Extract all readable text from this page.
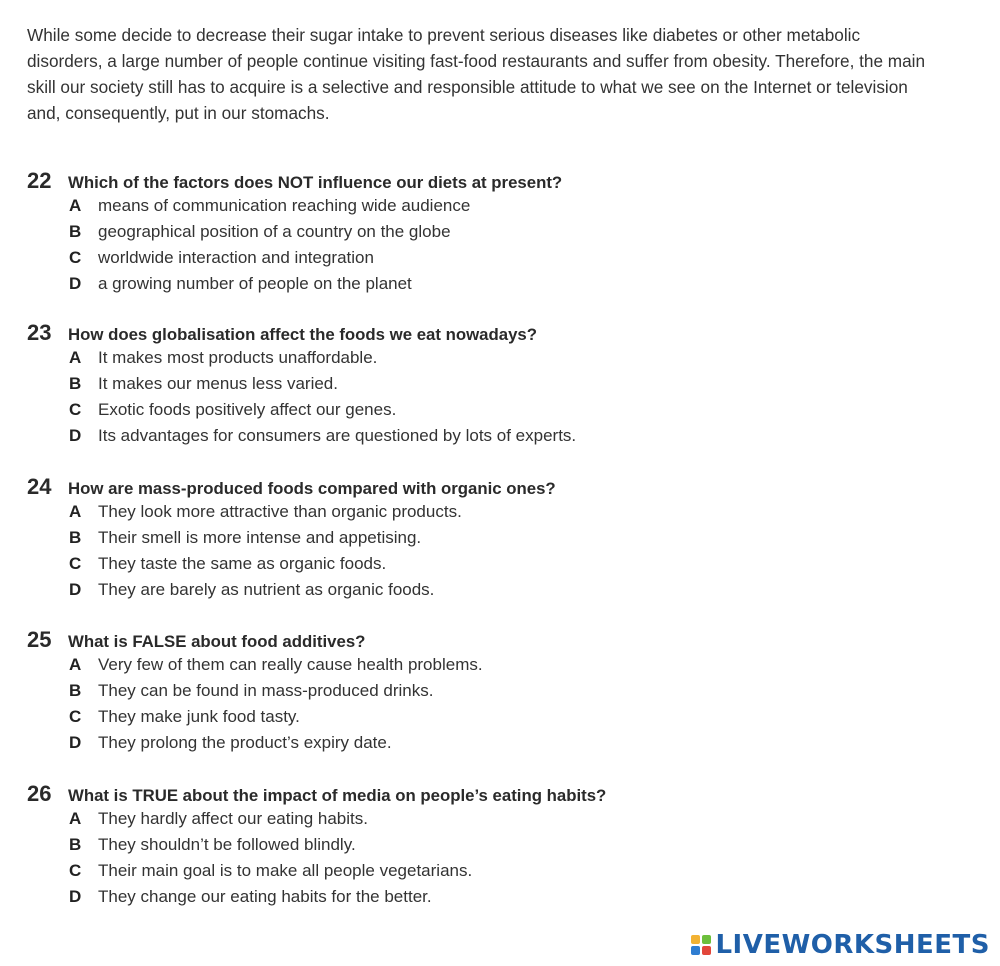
While some decide to decrease their sugar intake to prevent serious diseases like diabetes or other metabolic disorders, a large number of people continue visiting fast-food restaurants and suffer from obesity. Therefore, the main skill our society still has to acquire is a selective and responsible attitude to what we see on the Internet or television and, consequently, put in our stomachs.

22 Which of the factors does NOT influence our diets at present?
A means of communication reaching wide audience
B geographical position of a country on the globe
C worldwide interaction and integration
D a growing number of people on the planet
23 How does globalisation affect the foods we eat nowadays?
A It makes most products unaffordable.
B It makes our menus less varied.
C Exotic foods positively affect our genes.
D Its advantages for consumers are questioned by lots of experts.
24 How are mass-produced foods compared with organic ones?
A They look more attractive than organic products.
B Their smell is more intense and appetising.
C They taste the same as organic foods.
D They are barely as nutrient as organic foods.
25 What is FALSE about food additives?
A Very few of them can really cause health problems.
B They can be found in mass-produced drinks.
C They make junk food tasty.
D They prolong the product’s expiry date.
26 What is TRUE about the impact of media on people’s eating habits?
A They hardly affect our eating habits.
B They shouldn’t be followed blindly.
C Their main goal is to make all people vegetarians.
D They change our eating habits for the better.
LIVEWORKSHEETS
